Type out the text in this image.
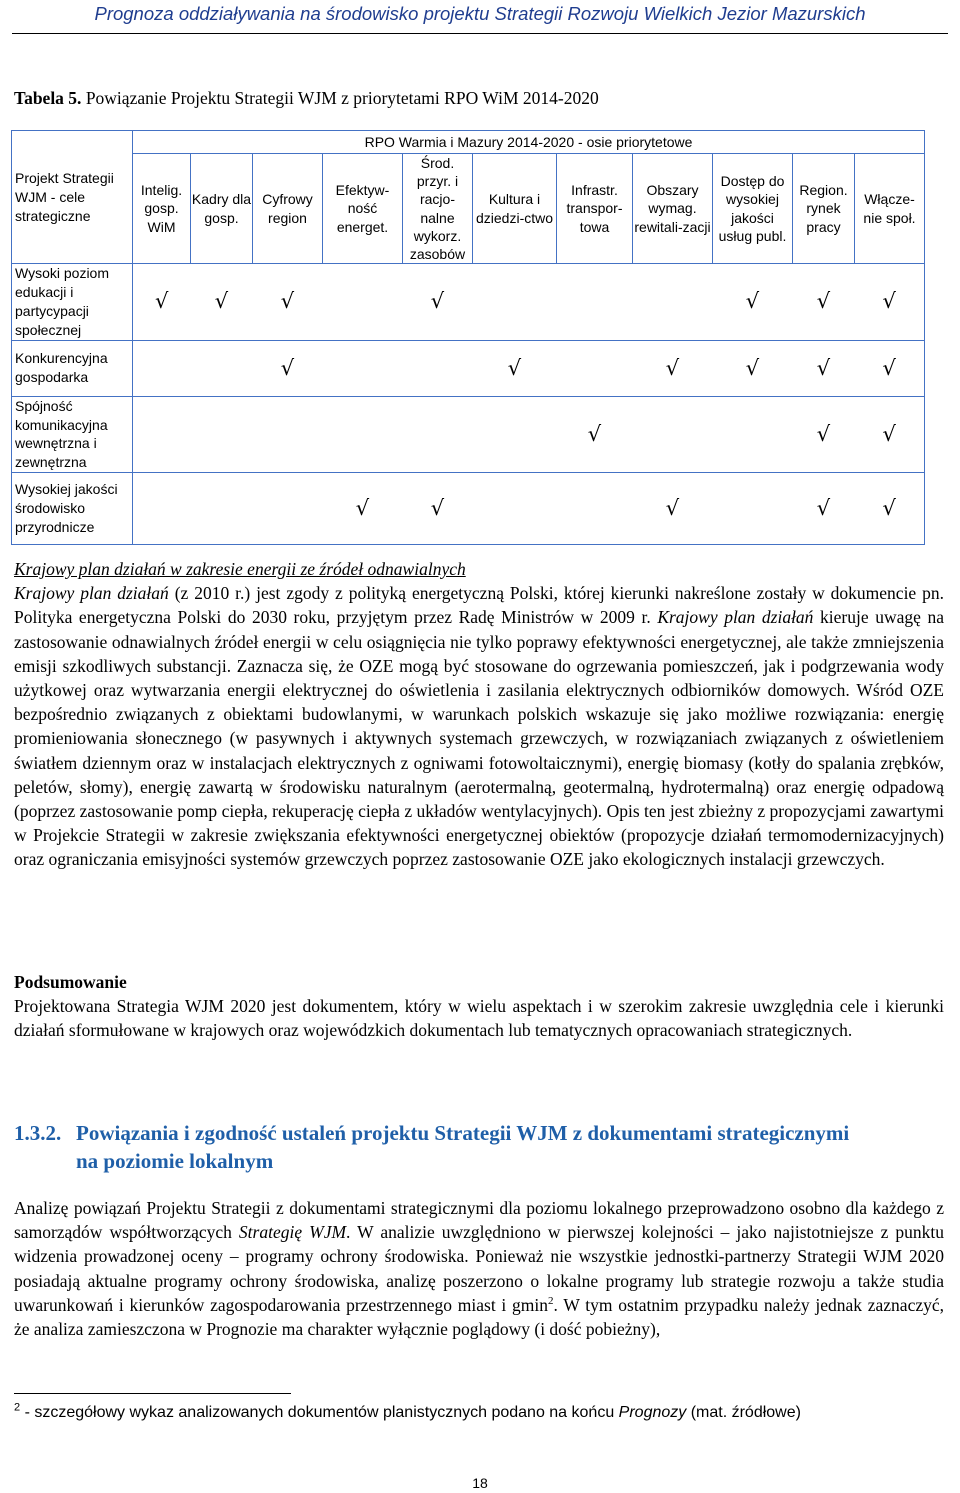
Prognoza oddziaływania na środowisko projektu Strategii Rozwoju Wielkich Jezior Mazurskich
Tabela 5. Powiązanie Projektu Strategii WJM z priorytetami RPO WiM 2014-2020
Projekt Strategii WJM - cele strategiczne	RPO Warmia i Mazury 2014-2020 - osie priorytetowe										
	Intelig. gosp. WiM	Kadry dla gosp.	Cyfrowy region	Efektyw-ność energet.	Środ. przyr. i racjo-nalne wykorz. zasobów	Kultura i dziedzi-ctwo	Infrastr. transpor-towa	Obszary wymag. rewitali-zacji	Dostęp do wysokiej jakości usług publ.	Region. rynek pracy	Włącze-nie społ.
Wysoki poziom edukacji i partycypacji społecznej	√	√	√		√				√	√	√
Konkurencyjna gospodarka			√			√		√	√	√	√
Spójność komunikacyjna wewnętrzna i zewnętrzna							√			√	√
Wysokiej jakości środowisko przyrodnicze				√	√			√		√	√

Krajowy plan działań w zakresie energii ze źródeł odnawialnych

Krajowy plan działań (z 2010 r.) jest zgody z polityką energetyczną Polski, której kierunki nakreślone zostały w dokumencie pn. Polityka energetyczna Polski do 2030 roku, przyjętym przez Radę Ministrów w 2009 r. Krajowy plan działań kieruje uwagę na zastosowanie odnawialnych źródeł energii w celu osiągnięcia nie tylko poprawy efektywności energetycznej, ale także zmniejszenia emisji szkodliwych substancji. Zaznacza się, że OZE mogą być stosowane do ogrzewania pomieszczeń, jak i podgrzewania wody użytkowej oraz wytwarzania energii elektrycznej do oświetlenia i zasilania elektrycznych odbiorników domowych. Wśród OZE bezpośrednio związanych z obiektami budowlanymi, w warunkach polskich wskazuje się jako możliwe rozwiązania: energię promieniowania słonecznego (w pasywnych i aktywnych systemach grzewczych, w rozwiązaniach związanych z oświetleniem światłem dziennym oraz w instalacjach elektrycznych z ogniwami fotowoltaicznymi), energię biomasy (kotły do spalania zrębków, peletów, słomy), energię zawartą w środowisku naturalnym (aerotermalną, geotermalną, hydrotermalną) oraz energię odpadową (poprzez zastosowanie pomp ciepła, rekuperację ciepła z układów wentylacyjnych). Opis ten jest zbieżny z propozycjami zawartymi w Projekcie Strategii w zakresie zwiększania efektywności energetycznej obiektów (propozycje działań termomodernizacyjnych) oraz ograniczania emisyjności systemów grzewczych poprzez zastosowanie OZE jako ekologicznych instalacji grzewczych.

Podsumowanie

Projektowana Strategia WJM 2020 jest dokumentem, który w wielu aspektach i w szerokim zakresie uwzględnia cele i kierunki działań sformułowane w krajowych oraz wojewódzkich dokumentach lub tematycznych opracowaniach strategicznych.

1.3.2. Powiązania i zgodność ustaleń projektu Strategii WJM z dokumentami strategicznymi
na poziomie lokalnym

Analizę powiązań Projektu Strategii z dokumentami strategicznymi dla poziomu lokalnego przeprowadzono osobno dla każdego z samorządów współtworzących Strategię WJM. W analizie uwzględniono w pierwszej kolejności – jako najistotniejsze z punktu widzenia prowadzonej oceny – programy ochrony środowiska. Ponieważ nie wszystkie jednostki-partnerzy Strategii WJM 2020 posiadają aktualne programy ochrony środowiska, analizę poszerzono o lokalne programy lub strategie rozwoju a także studia uwarunkowań i kierunków zagospodarowania przestrzennego miast i gmin$^2$. W tym ostatnim przypadku należy jednak zaznaczyć, że analiza zamieszczona w Prognozie ma charakter wyłącznie poglądowy (i dość pobieżny),

$^2$ - szczegółowy wykaz analizowanych dokumentów planistycznych podano na końcu Prognozy (mat. źródłowe)
18
